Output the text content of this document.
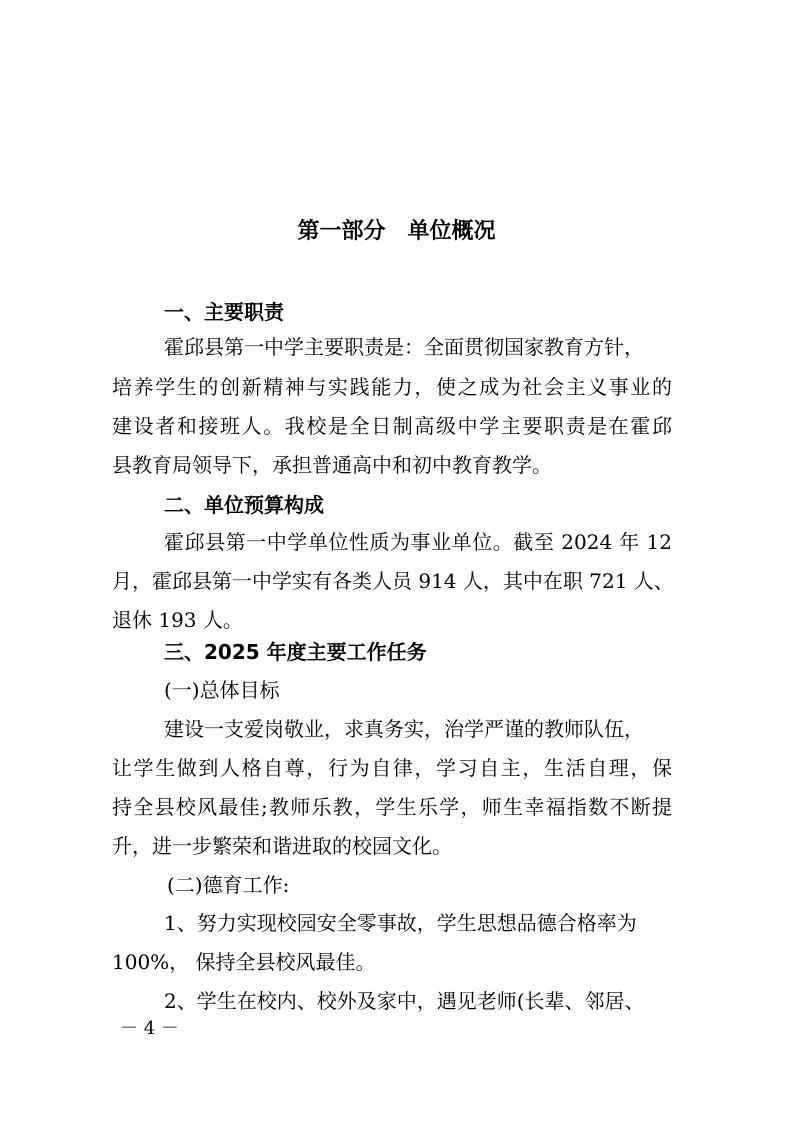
第一部分　单位概况
一、主要职责
霍邱县第一中学主要职责是：全面贯彻国家教育方针，
培养学生的创新精神与实践能力，使之成为社会主义事业的
建设者和接班人。我校是全日制高级中学主要职责是在霍邱
县教育局领导下，承担普通高中和初中教育教学。
二、单位预算构成
霍邱县第一中学单位性质为事业单位。截至 2024 年 12
月，霍邱县第一中学实有各类人员 914 人，其中在职 721 人、
退休 193 人。
三、2025 年度主要工作任务
(一)总体目标
建设一支爱岗敬业，求真务实，治学严谨的教师队伍，
让学生做到人格自尊，行为自律，学习自主，生活自理，保
持全县校风最佳;教师乐教，学生乐学，师生幸福指数不断提
升，进一步繁荣和谐进取的校园文化。
(二)德育工作:
1、努力实现校园安全零事故，学生思想品德合格率为
100%， 保持全县校风最佳。
2、学生在校内、校外及家中，遇见老师(长辈、邻居、
－ 4 －
